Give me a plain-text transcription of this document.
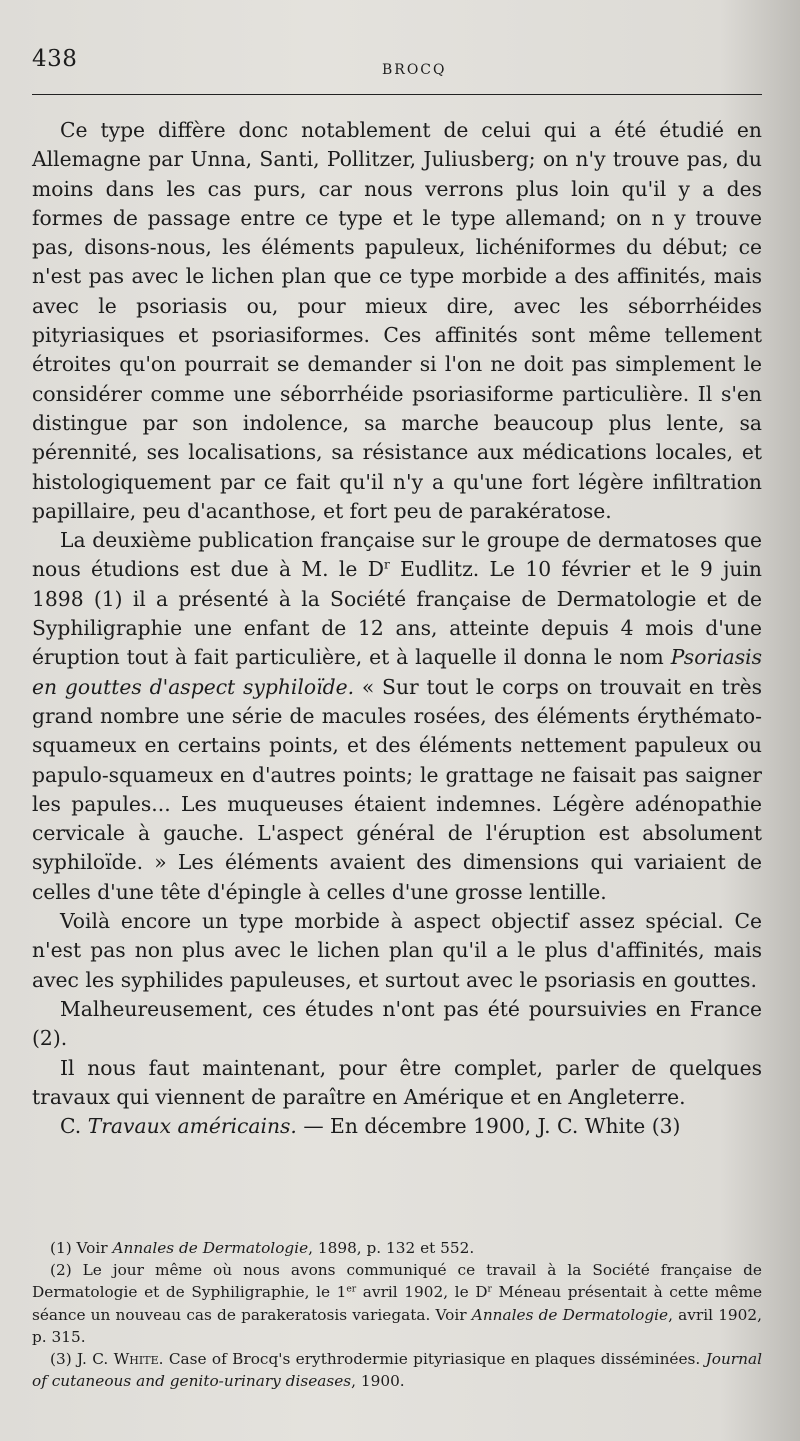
438	BROCQ

Ce type diffère donc notablement de celui qui a été étudié en Allemagne par Unna, Santi, Pollitzer, Juliusberg; on n'y trouve pas, du moins dans les cas purs, car nous verrons plus loin qu'il y a des formes de passage entre ce type et le type allemand; on n y trouve pas, disons-nous, les éléments papuleux, lichéniformes du début; ce n'est pas avec le lichen plan que ce type morbide a des affinités, mais avec le psoriasis ou, pour mieux dire, avec les séborrhéides pityriasiques et psoriasiformes. Ces affinités sont même tellement étroites qu'on pourrait se demander si l'on ne doit pas simplement le considérer comme une séborrhéide psoriasiforme particulière. Il s'en distingue par son indolence, sa marche beaucoup plus lente, sa pérennité, ses localisations, sa résistance aux médications locales, et histologiquement par ce fait qu'il n'y a qu'une fort légère infiltration papillaire, peu d'acanthose, et fort peu de parakératose.

La deuxième publication française sur le groupe de dermatoses que nous étudions est due à M. le $D^r$ Eudlitz. Le 10 février et le 9 juin 1898 (1) il a présenté à la Société française de Dermatologie et de Syphiligraphie une enfant de 12 ans, atteinte depuis 4 mois d'une éruption tout à fait particulière, et à laquelle il donna le nom Psoriasis en gouttes d'aspect syphiloïde. « Sur tout le corps on trouvait en très grand nombre une série de macules rosées, des éléments érythémato-squameux en certains points, et des éléments nettement papuleux ou papulo-squameux en d'autres points; le grattage ne faisait pas saigner les papules... Les muqueuses étaient indemnes. Légère adénopathie cervicale à gauche. L'aspect général de l'éruption est absolument syphiloïde. » Les éléments avaient des dimensions qui variaient de celles d'une tête d'épingle à celles d'une grosse lentille.

Voilà encore un type morbide à aspect objectif assez spécial. Ce n'est pas non plus avec le lichen plan qu'il a le plus d'affinités, mais avec les syphilides papuleuses, et surtout avec le psoriasis en gouttes.

Malheureusement, ces études n'ont pas été poursuivies en France (2).

Il nous faut maintenant, pour être complet, parler de quelques travaux qui viennent de paraître en Amérique et en Angleterre.

C. Travaux américains. — En décembre 1900, J. C. White (3)

(1) Voir Annales de Dermatologie, 1898, p. 132 et 552.

(2) Le jour même où nous avons communiqué ce travail à la Société française de Dermatologie et de Syphiligraphie, le 1er avril 1902, le $D^r$ Méneau présentait à cette même séance un nouveau cas de parakeratosis variegata. Voir Annales de Dermatologie, avril 1902, p. 315.

(3) J. C. White. Case of Brocq's erythrodermie pityriasique en plaques disséminées. Journal of cutaneous and genito-urinary diseases, 1900.
